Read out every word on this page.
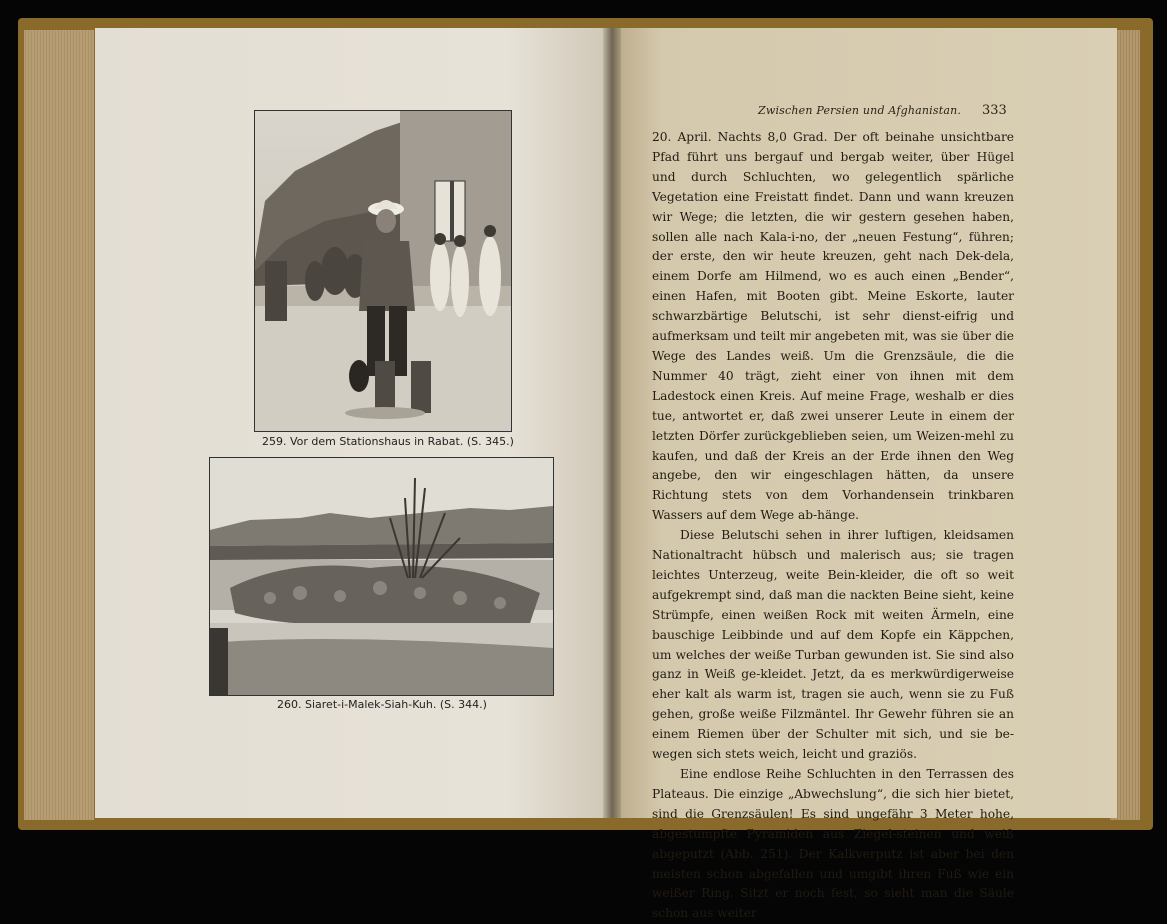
259. Vor dem Stationshaus in Rabat. (S. 345.)
260. Siaret-i-Malek-Siah-Kuh. (S. 344.)
Zwischen Persien und Afghanistan. 333

20. April. Nachts 8,0 Grad. Der oft beinahe unsichtbare Pfad führt uns bergauf und bergab weiter, über Hügel und durch Schluchten, wo gelegentlich spärliche Vegetation eine Freistatt findet. Dann und wann kreuzen wir Wege; die letzten, die wir gestern gesehen haben, sollen alle nach Kala-i-no, der „neuen Festung“, führen; der erste, den wir heute kreuzen, geht nach Dek-dela, einem Dorfe am Hilmend, wo es auch einen „Bender“, einen Hafen, mit Booten gibt. Meine Eskorte, lauter schwarzbärtige Belutschi, ist sehr dienst-eifrig und aufmerksam und teilt mir angebeten mit, was sie über die Wege des Landes weiß. Um die Grenzsäule, die die Nummer 40 trägt, zieht einer von ihnen mit dem Ladestock einen Kreis. Auf meine Frage, weshalb er dies tue, antwortet er, daß zwei unserer Leute in einem der letzten Dörfer zurückgeblieben seien, um Weizen-mehl zu kaufen, und daß der Kreis an der Erde ihnen den Weg angebe, den wir eingeschlagen hätten, da unsere Richtung stets von dem Vorhandensein trinkbaren Wassers auf dem Wege ab-hänge.

Diese Belutschi sehen in ihrer luftigen, kleidsamen Nationaltracht hübsch und malerisch aus; sie tragen leichtes Unterzeug, weite Bein-kleider, die oft so weit aufgekrempt sind, daß man die nackten Beine sieht, keine Strümpfe, einen weißen Rock mit weiten Ärmeln, eine bauschige Leibbinde und auf dem Kopfe ein Käppchen, um welches der weiße Turban gewunden ist. Sie sind also ganz in Weiß ge-kleidet. Jetzt, da es merkwürdigerweise eher kalt als warm ist, tragen sie auch, wenn sie zu Fuß gehen, große weiße Filzmäntel. Ihr Gewehr führen sie an einem Riemen über der Schulter mit sich, und sie be-wegen sich stets weich, leicht und graziös.

Eine endlose Reihe Schluchten in den Terrassen des Plateaus. Die einzige „Abwechslung“, die sich hier bietet, sind die Grenzsäulen! Es sind ungefähr 3 Meter hohe, abgestumpfte Pyramiden aus Ziegel-steinen und weiß abgeputzt (Abb. 251). Der Kalkverputz ist aber bei den meisten schon abgefallen und umgibt ihren Fuß wie ein weißer Ring. Sitzt er noch fest, so sieht man die Säule schon aus weiter
